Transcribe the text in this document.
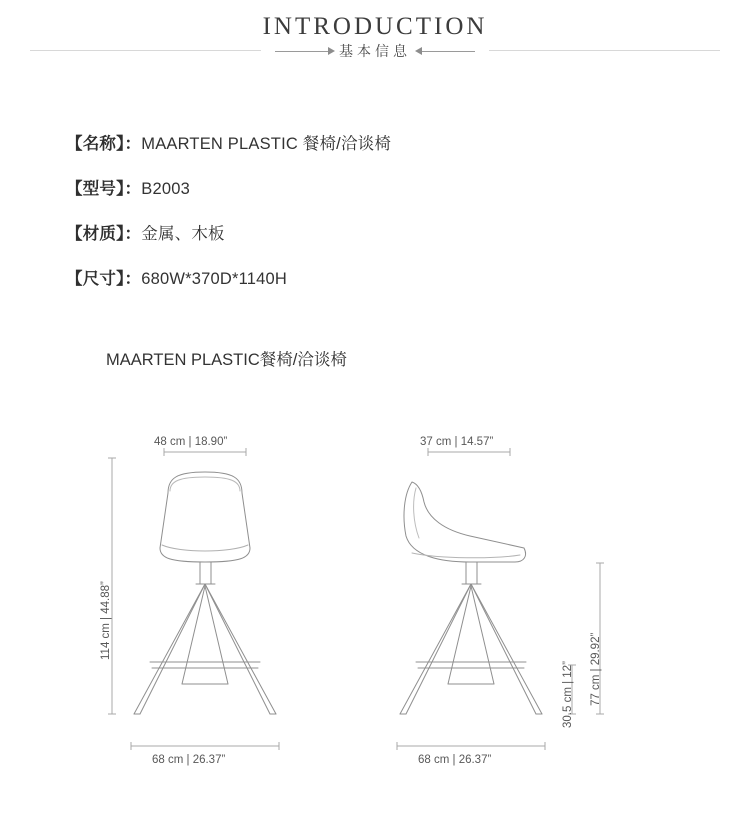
INTRODUCTION
基本信息
【名称】：MAARTEN PLASTIC 餐椅/洽谈椅
【型号】：B2003
【材质】：金属、木板
【尺寸】：680W*370D*1140H
MAARTEN PLASTIC餐椅/洽谈椅
48 cm | 18.90”
114 cm | 44.88”
68 cm | 26.37”
37 cm | 14.57”
77 cm | 29.92”
30.5 cm | 12”
68 cm | 26.37”
